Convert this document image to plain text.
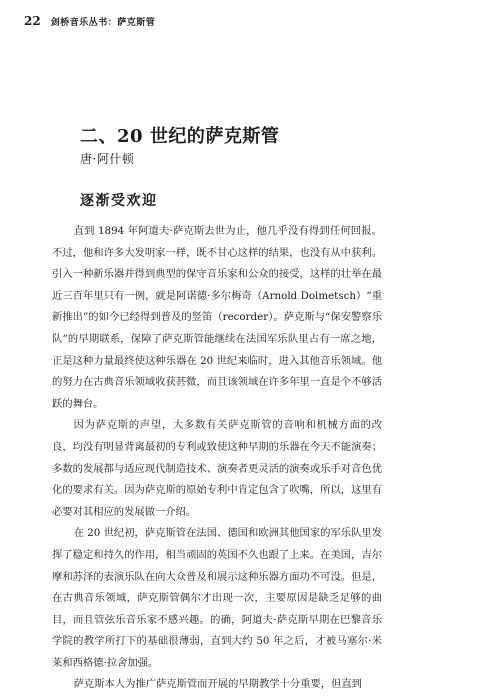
22 剑桥音乐丛书：萨克斯管
二、20 世纪的萨克斯管
唐·阿什顿
逐渐受欢迎

直到 1894 年阿道夫·萨克斯去世为止，他几乎没有得到任何回报。不过，他和许多大发明家一样，既不甘心这样的结果，也没有从中获利。引入一种新乐器并得到典型的保守音乐家和公众的接受，这样的壮举在最近三百年里只有一例，就是阿诺德·多尔梅奇（Arnold Dolmetsch）“重新推出”的如今已经得到普及的竖笛（recorder）。萨克斯与“保安警察乐队”的早期联系，保障了萨克斯管能继续在法国军乐队里占有一席之地，正是这种力量最终使这种乐器在 20 世纪来临时，进入其他音乐领域。他的努力在古典音乐领域收获甚微，而且该领域在许多年里一直是个不够活跃的舞台。

因为萨克斯的声望，大多数有关萨克斯管的音响和机械方面的改良，均没有明显背离最初的专利或致使这种早期的乐器在今天不能演奏；多数的发展都与适应现代制造技术、演奏者更灵活的演奏或乐手对音色优化的要求有关。因为萨克斯的原始专利中肯定包含了吹嘴，所以，这里有必要对其相应的发展做一介绍。

在 20 世纪初，萨克斯管在法国、德国和欧洲其他国家的军乐队里发挥了稳定和持久的作用，相当顽固的英国不久也跟了上来。在美国，吉尔摩和苏泽的表演乐队在向大众普及和展示这种乐器方面功不可没。但是，在古典音乐领域，萨克斯管偶尔才出现一次，主要原因是缺乏足够的曲目，而且管弦乐音乐家不感兴趣。的确，阿道夫·萨克斯早期在巴黎音乐学院的教学所打下的基础很薄弱，直到大约 50 年之后，才被马塞尔·米莱和西格德·拉舍加强。

萨克斯本人为推广萨克斯管而开展的早期教学十分重要，但直到
